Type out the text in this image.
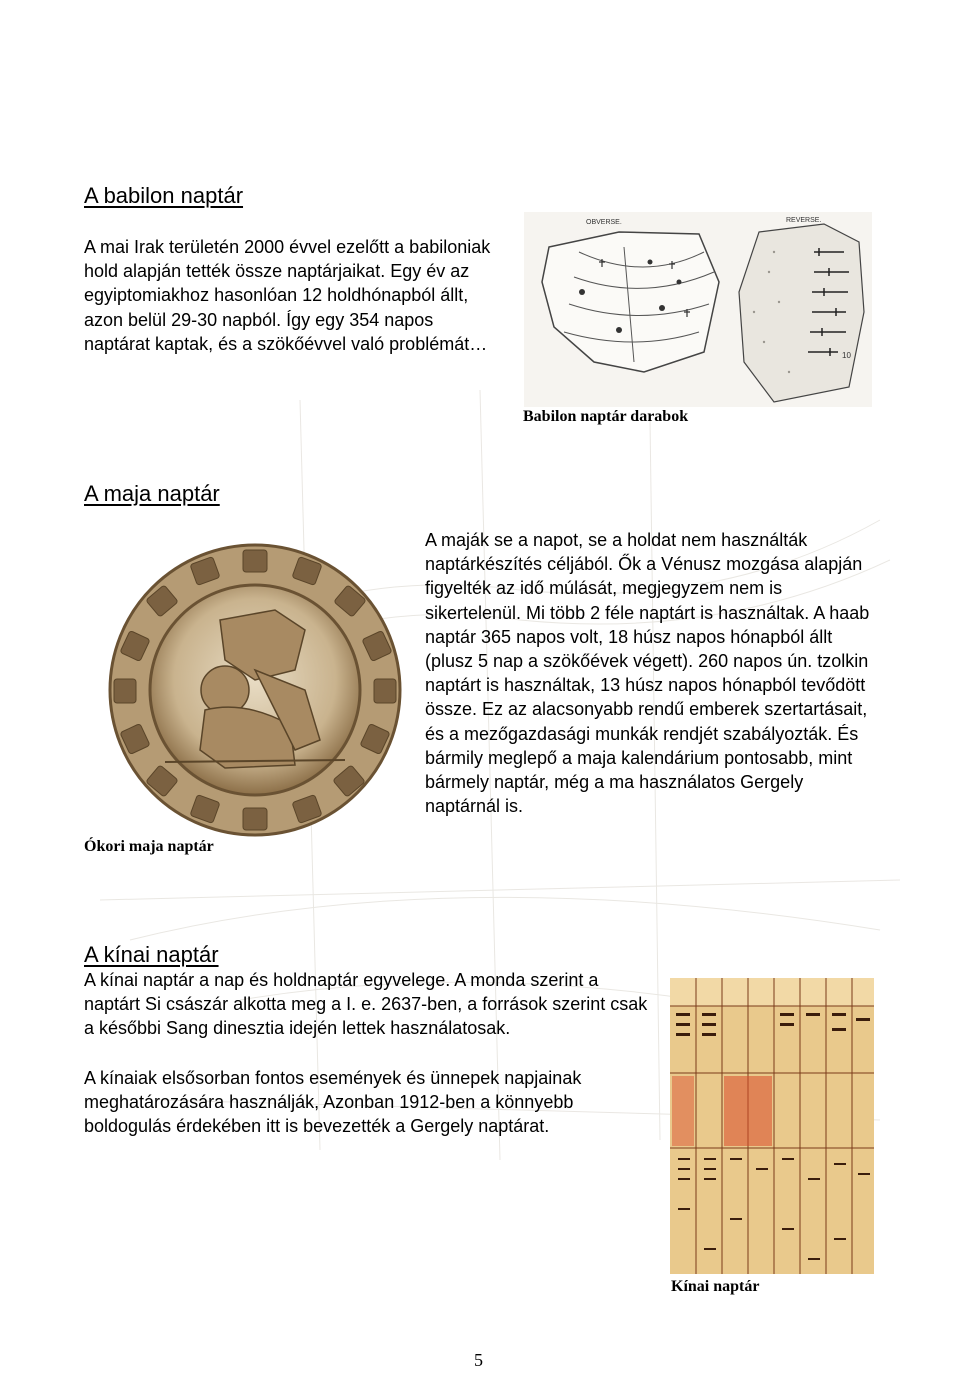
A babilon naptár

A mai Irak területén 2000 évvel ezelőtt a babiloniak hold alapján tették össze naptárjaikat. Egy év az egyiptomiakhoz hasonlóan 12 holdhónapból állt, azon belül 29-30 napból. Így egy 354 napos naptárat kaptak, és a szökőévvel való problémát…

OBVERSE.	REVERSE.
10
Babilon naptár darabok
A maja naptár
Ókori maja naptár

A maják se a napot, se a holdat nem használták naptárkészítés céljából. Ők a Vénusz mozgása alapján figyelték az idő múlását, megjegyzem nem is sikertelenül. Mi több 2 féle naptárt is használtak. A haab naptár 365 napos volt, 18 húsz napos hónapból állt (plusz 5 nap a szökőévek végett). 260 napos ún. tzolkin naptárt is használtak, 13 húsz napos hónapból tevődött össze. Ez az alacsonyabb rendű emberek szertartásait, és a mezőgazdasági munkák rendjét szabályozták. És bármily meglepő a maja kalendárium pontosabb, mint bármely naptár, még a ma használatos Gergely naptárnál is.

A kínai naptár

A kínai naptár a nap és holdnaptár egyvelege. A monda szerint a naptárt Si császár alkotta meg a I. e. 2637-ben, a források szerint csak a későbbi Sang dinesztia idején lettek használatosak.

A kínaiak elsősorban fontos események és ünnepek napjainak meghatározására használják, Azonban 1912-ben a könnyebb boldogulás érdekében itt is bevezették a Gergely naptárat.

Kínai naptár
5
